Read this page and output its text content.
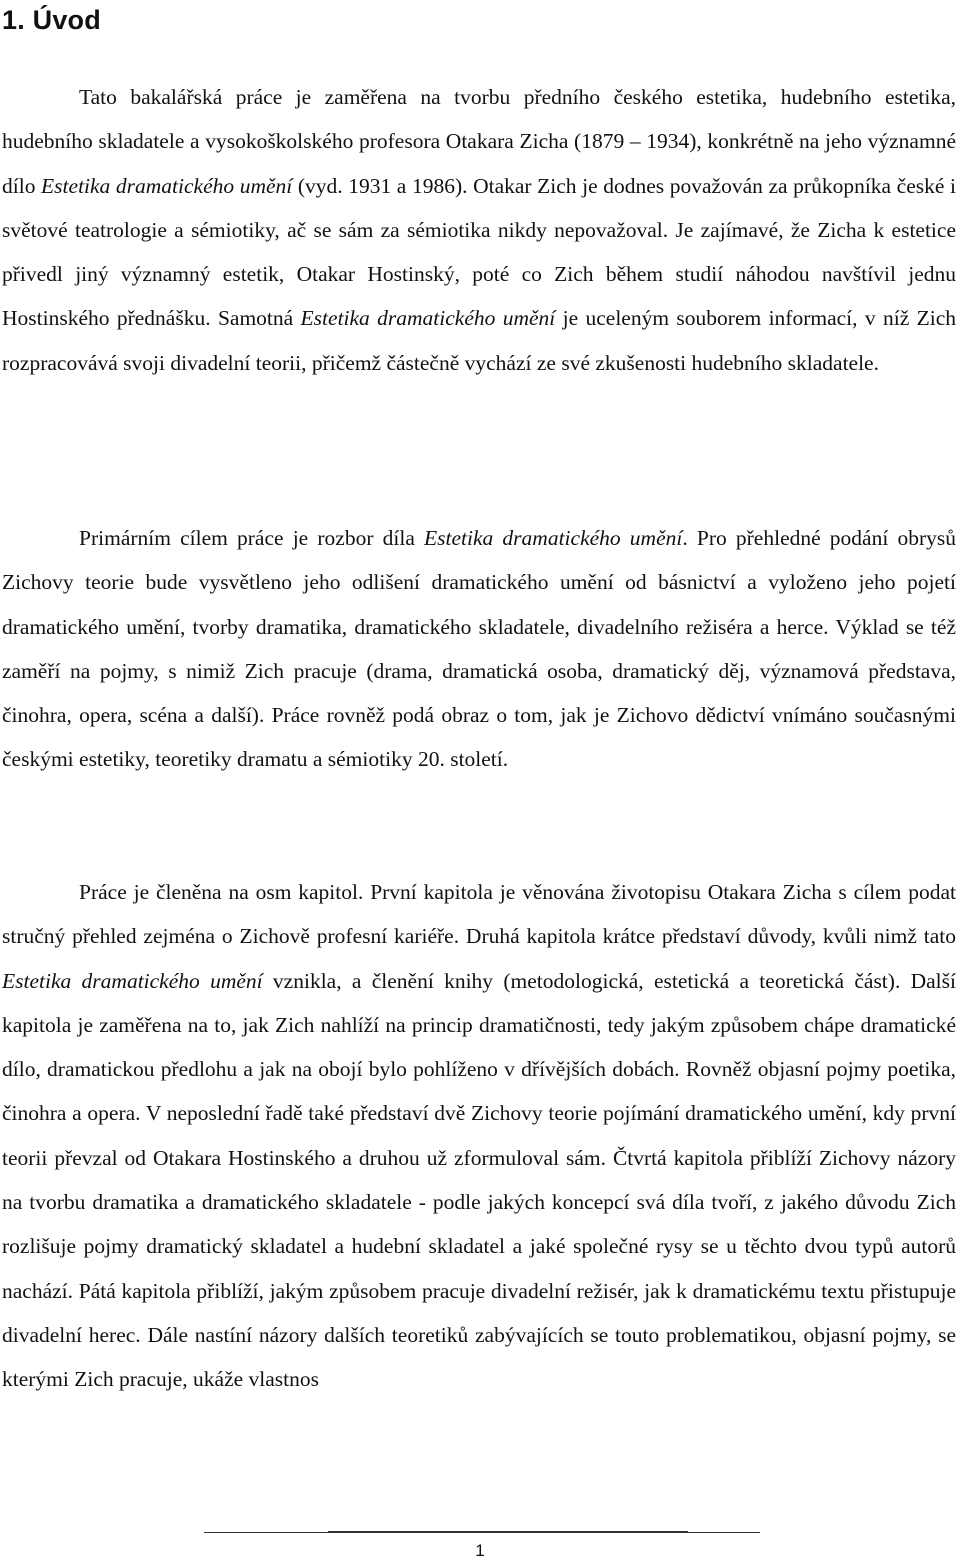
1. Úvod

Tato bakalářská práce je zaměřena na tvorbu předního českého estetika, hudebního estetika, hudebního skladatele a vysokoškolského profesora Otakara Zicha (1879 – 1934), konkrétně na jeho významné dílo Estetika dramatického umění (vyd. 1931 a 1986). Otakar Zich je dodnes považován za průkopníka české i světové teatrologie a sémiotiky, ač se sám za sémiotika nikdy nepovažoval. Je zajímavé, že Zicha k estetice přivedl jiný významný estetik, Otakar Hostinský, poté co Zich během studií náhodou navštívil jednu Hostinského přednášku. Samotná Estetika dramatického umění je uceleným souborem informací, v níž Zich rozpracovává svoji divadelní teorii, přičemž částečně vychází ze své zkušenosti hudebního skladatele.

Primárním cílem práce je rozbor díla Estetika dramatického umění. Pro přehledné podání obrysů Zichovy teorie bude vysvětleno jeho odlišení dramatického umění od básnictví a vyloženo jeho pojetí dramatického umění, tvorby dramatika, dramatického skladatele, divadelního režiséra a herce. Výklad se též zaměří na pojmy, s nimiž Zich pracuje (drama, dramatická osoba, dramatický děj, významová představa, činohra, opera, scéna a další). Práce rovněž podá obraz o tom, jak je Zichovo dědictví vnímáno současnými českými estetiky, teoretiky dramatu a sémiotiky 20. století.

Práce je členěna na osm kapitol. První kapitola je věnována životopisu Otakara Zicha s cílem podat stručný přehled zejména o Zichově profesní kariéře. Druhá kapitola krátce představí důvody, kvůli nimž tato Estetika dramatického umění vznikla, a členění knihy (metodologická, estetická a teoretická část). Další kapitola je zaměřena na to, jak Zich nahlíží na princip dramatičnosti, tedy jakým způsobem chápe dramatické dílo, dramatickou předlohu a jak na obojí bylo pohlíženo v dřívějších dobách. Rovněž objasní pojmy poetika, činohra a opera. V neposlední řadě také představí dvě Zichovy teorie pojímání dramatického umění, kdy první teorii převzal od Otakara Hostinského a druhou už zformuloval sám. Čtvrtá kapitola přiblíží Zichovy názory na tvorbu dramatika a dramatického skladatele - podle jakých koncepcí svá díla tvoří, z jakého důvodu Zich rozlišuje pojmy dramatický skladatel a hudební skladatel a jaké společné rysy se u těchto dvou typů autorů nachází. Pátá kapitola přiblíží, jakým způsobem pracuje divadelní režisér, jak k dramatickému textu přistupuje divadelní herec. Dále nastíní názory dalších teoretiků zabývajících se touto problematikou, objasní pojmy, se kterými Zich pracuje, ukáže vlastnos

1
